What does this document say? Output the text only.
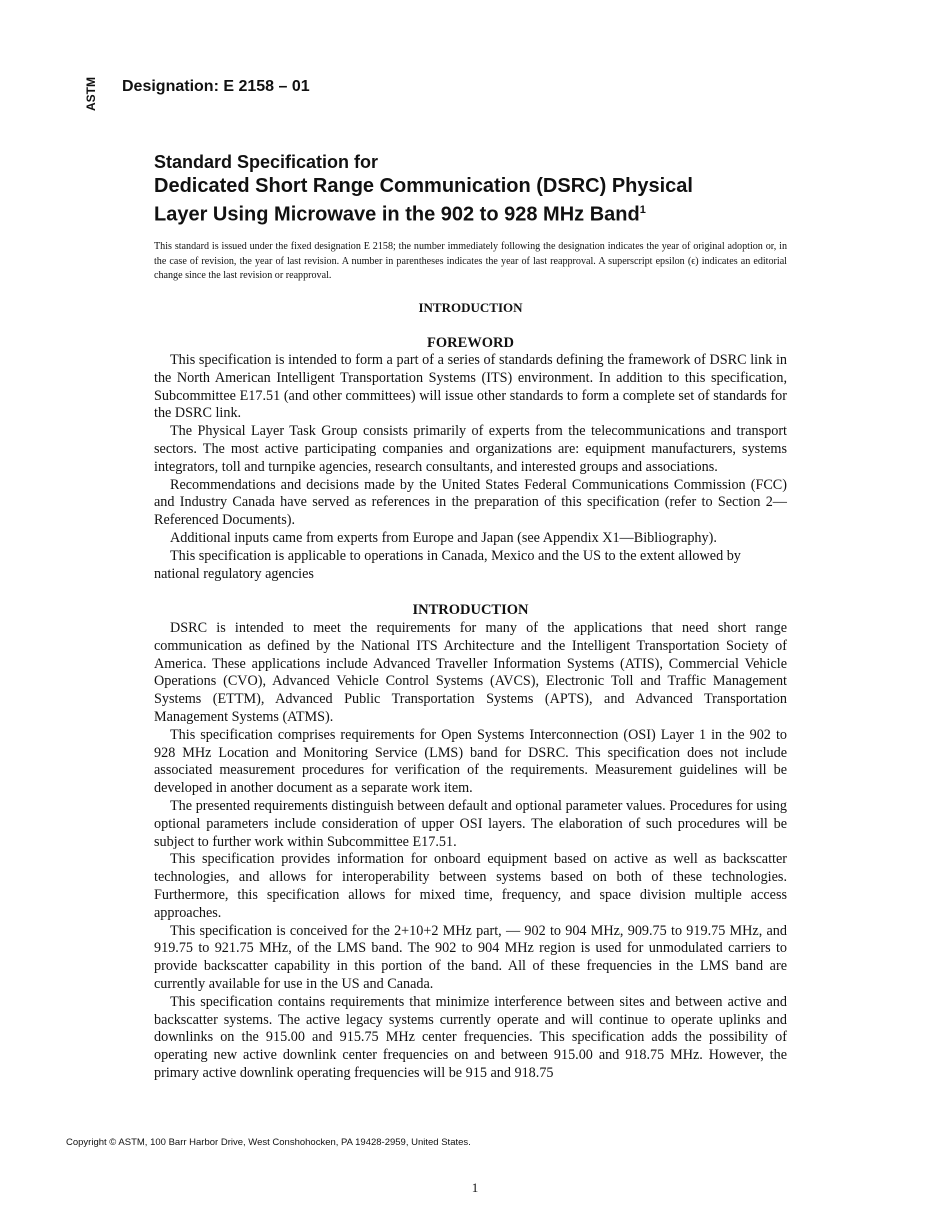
ASTM Designation: E 2158 – 01
Standard Specification for
Dedicated Short Range Communication (DSRC) Physical
Layer Using Microwave in the 902 to 928 MHz Band$^1$
This standard is issued under the fixed designation E 2158; the number immediately following the designation indicates the year of original adoption or, in the case of revision, the year of last revision. A number in parentheses indicates the year of last reapproval. A superscript epsilon (ϵ) indicates an editorial change since the last revision or reapproval.
INTRODUCTION
FOREWORD

This specification is intended to form a part of a series of standards defining the framework of DSRC link in the North American Intelligent Transportation Systems (ITS) environment. In addition to this specification, Subcommittee E17.51 (and other committees) will issue other standards to form a complete set of standards for the DSRC link.

The Physical Layer Task Group consists primarily of experts from the telecommunications and transport sectors. The most active participating companies and organizations are: equipment manufacturers, systems integrators, toll and turnpike agencies, research consultants, and interested groups and associations.

Recommendations and decisions made by the United States Federal Communications Commission (FCC) and Industry Canada have served as references in the preparation of this specification (refer to Section 2—Referenced Documents).

Additional inputs came from experts from Europe and Japan (see Appendix X1—Bibliography).

This specification is applicable to operations in Canada, Mexico and the US to the extent allowed by national regulatory agencies

INTRODUCTION

DSRC is intended to meet the requirements for many of the applications that need short range communication as defined by the National ITS Architecture and the Intelligent Transportation Society of America. These applications include Advanced Traveller Information Systems (ATIS), Commercial Vehicle Operations (CVO), Advanced Vehicle Control Systems (AVCS), Electronic Toll and Traffic Management Systems (ETTM), Advanced Public Transportation Systems (APTS), and Advanced Transportation Management Systems (ATMS).

This specification comprises requirements for Open Systems Interconnection (OSI) Layer 1 in the 902 to 928 MHz Location and Monitoring Service (LMS) band for DSRC. This specification does not include associated measurement procedures for verification of the requirements. Measurement guidelines will be developed in another document as a separate work item.

The presented requirements distinguish between default and optional parameter values. Procedures for using optional parameters include consideration of upper OSI layers. The elaboration of such procedures will be subject to further work within Subcommittee E17.51.

This specification provides information for onboard equipment based on active as well as backscatter technologies, and allows for interoperability between systems based on both of these technologies. Furthermore, this specification allows for mixed time, frequency, and space division multiple access approaches.

This specification is conceived for the 2+10+2 MHz part, — 902 to 904 MHz, 909.75 to 919.75 MHz, and 919.75 to 921.75 MHz, of the LMS band. The 902 to 904 MHz region is used for unmodulated carriers to provide backscatter capability in this portion of the band. All of these frequencies in the LMS band are currently available for use in the US and Canada.

This specification contains requirements that minimize interference between sites and between active and backscatter systems. The active legacy systems currently operate and will continue to operate uplinks and downlinks on the 915.00 and 915.75 MHz center frequencies. This specification adds the possibility of operating new active downlink center frequencies on and between 915.00 and 918.75 MHz. However, the primary active downlink operating frequencies will be 915 and 918.75

Copyright © ASTM, 100 Barr Harbor Drive, West Conshohocken, PA 19428-2959, United States.
1
